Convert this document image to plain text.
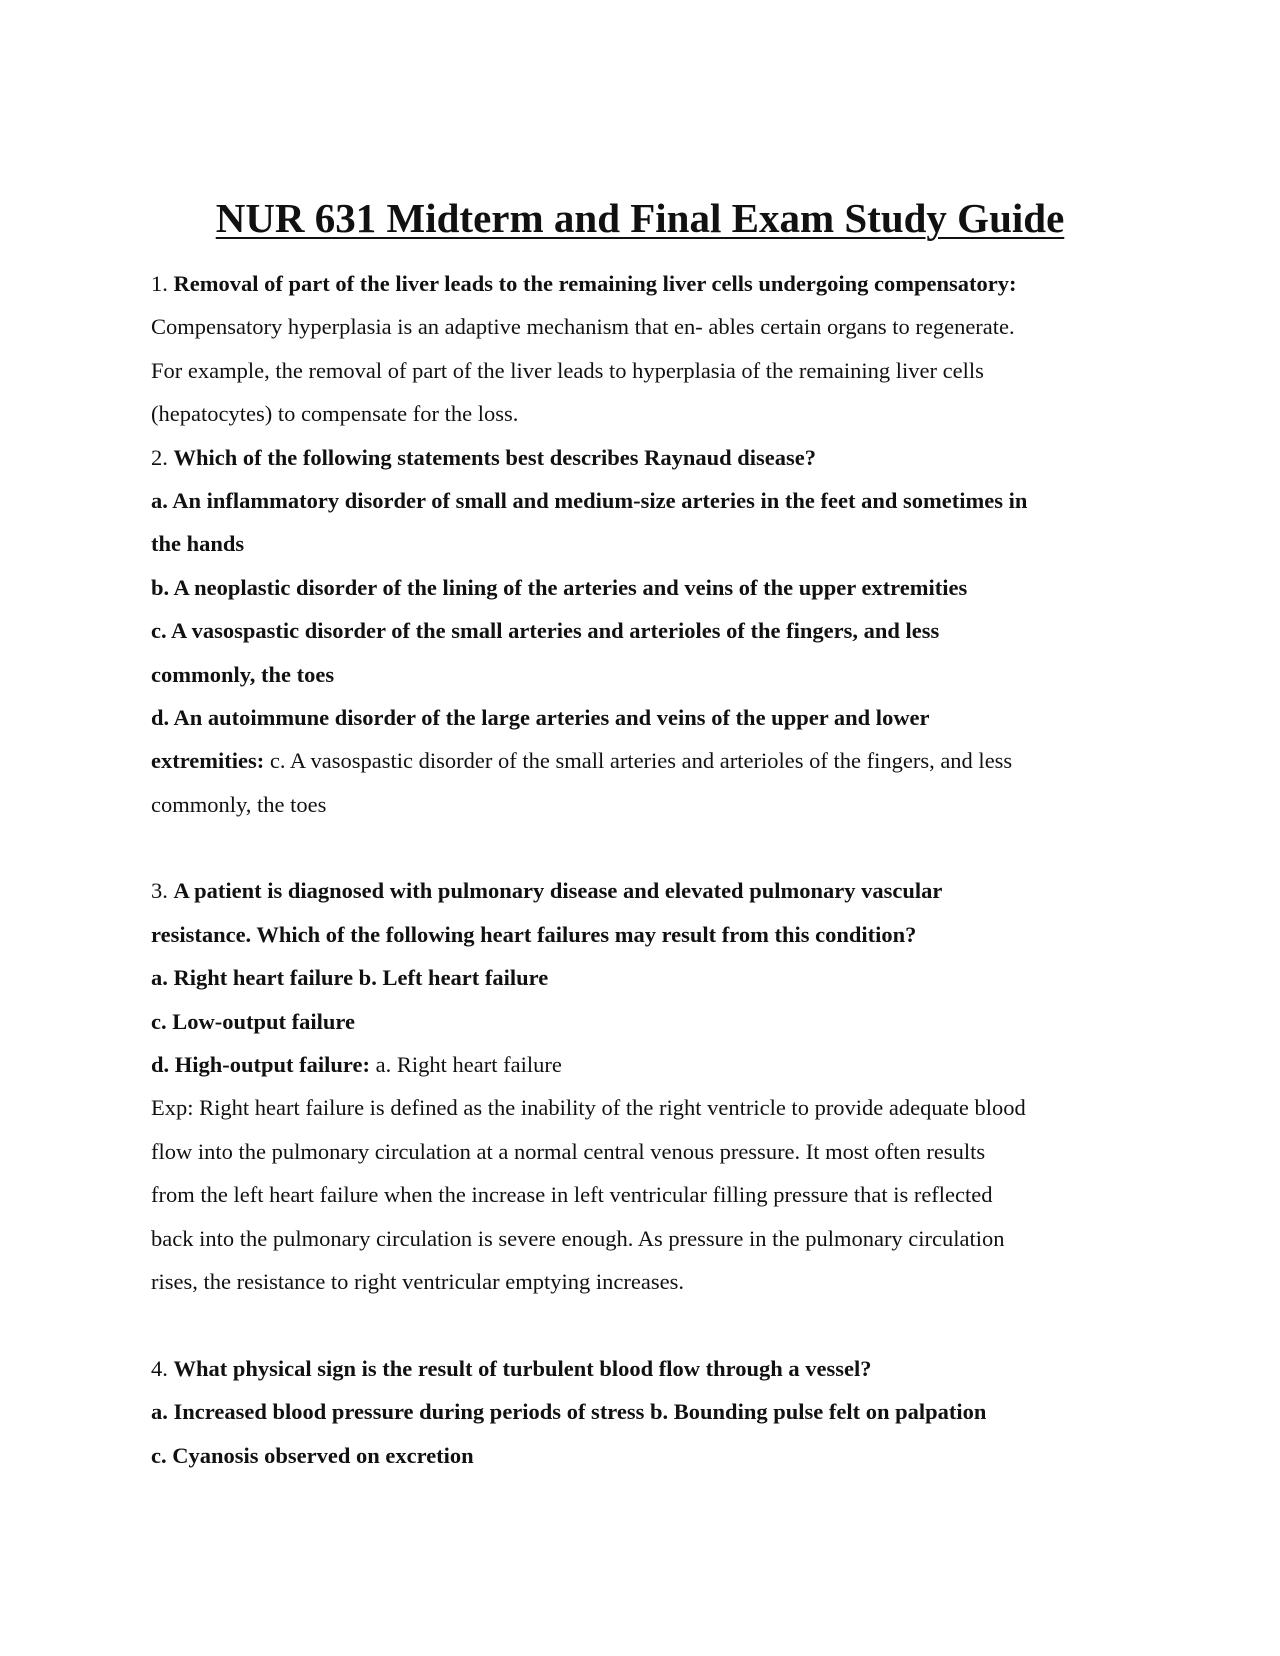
NUR 631 Midterm and Final Exam Study Guide
1. Removal of part of the liver leads to the remaining liver cells undergoing compensatory:
Compensatory hyperplasia is an adaptive mechanism that en- ables certain organs to regenerate.
For example, the removal of part of the liver leads to hyperplasia of the remaining liver cells
(hepatocytes) to compensate for the loss.
2. Which of the following statements best describes Raynaud disease?
a. An inflammatory disorder of small and medium-size arteries in the feet and sometimes in
the hands
b. A neoplastic disorder of the lining of the arteries and veins of the upper extremities
c. A vasospastic disorder of the small arteries and arterioles of the fingers, and less
commonly, the toes
d. An autoimmune disorder of the large arteries and veins of the upper and lower
extremities: c. A vasospastic disorder of the small arteries and arterioles of the fingers, and less
commonly, the toes
3. A patient is diagnosed with pulmonary disease and elevated pulmonary vascular
resistance. Which of the following heart failures may result from this condition?
a. Right heart failure b. Left heart failure
c. Low-output failure
d. High-output failure: a. Right heart failure
Exp: Right heart failure is defined as the inability of the right ventricle to provide adequate blood
flow into the pulmonary circulation at a normal central venous pressure. It most often results
from the left heart failure when the increase in left ventricular filling pressure that is reflected
back into the pulmonary circulation is severe enough. As pressure in the pulmonary circulation
rises, the resistance to right ventricular emptying increases.
4. What physical sign is the result of turbulent blood flow through a vessel?
a. Increased blood pressure during periods of stress b. Bounding pulse felt on palpation
c. Cyanosis observed on excretion
